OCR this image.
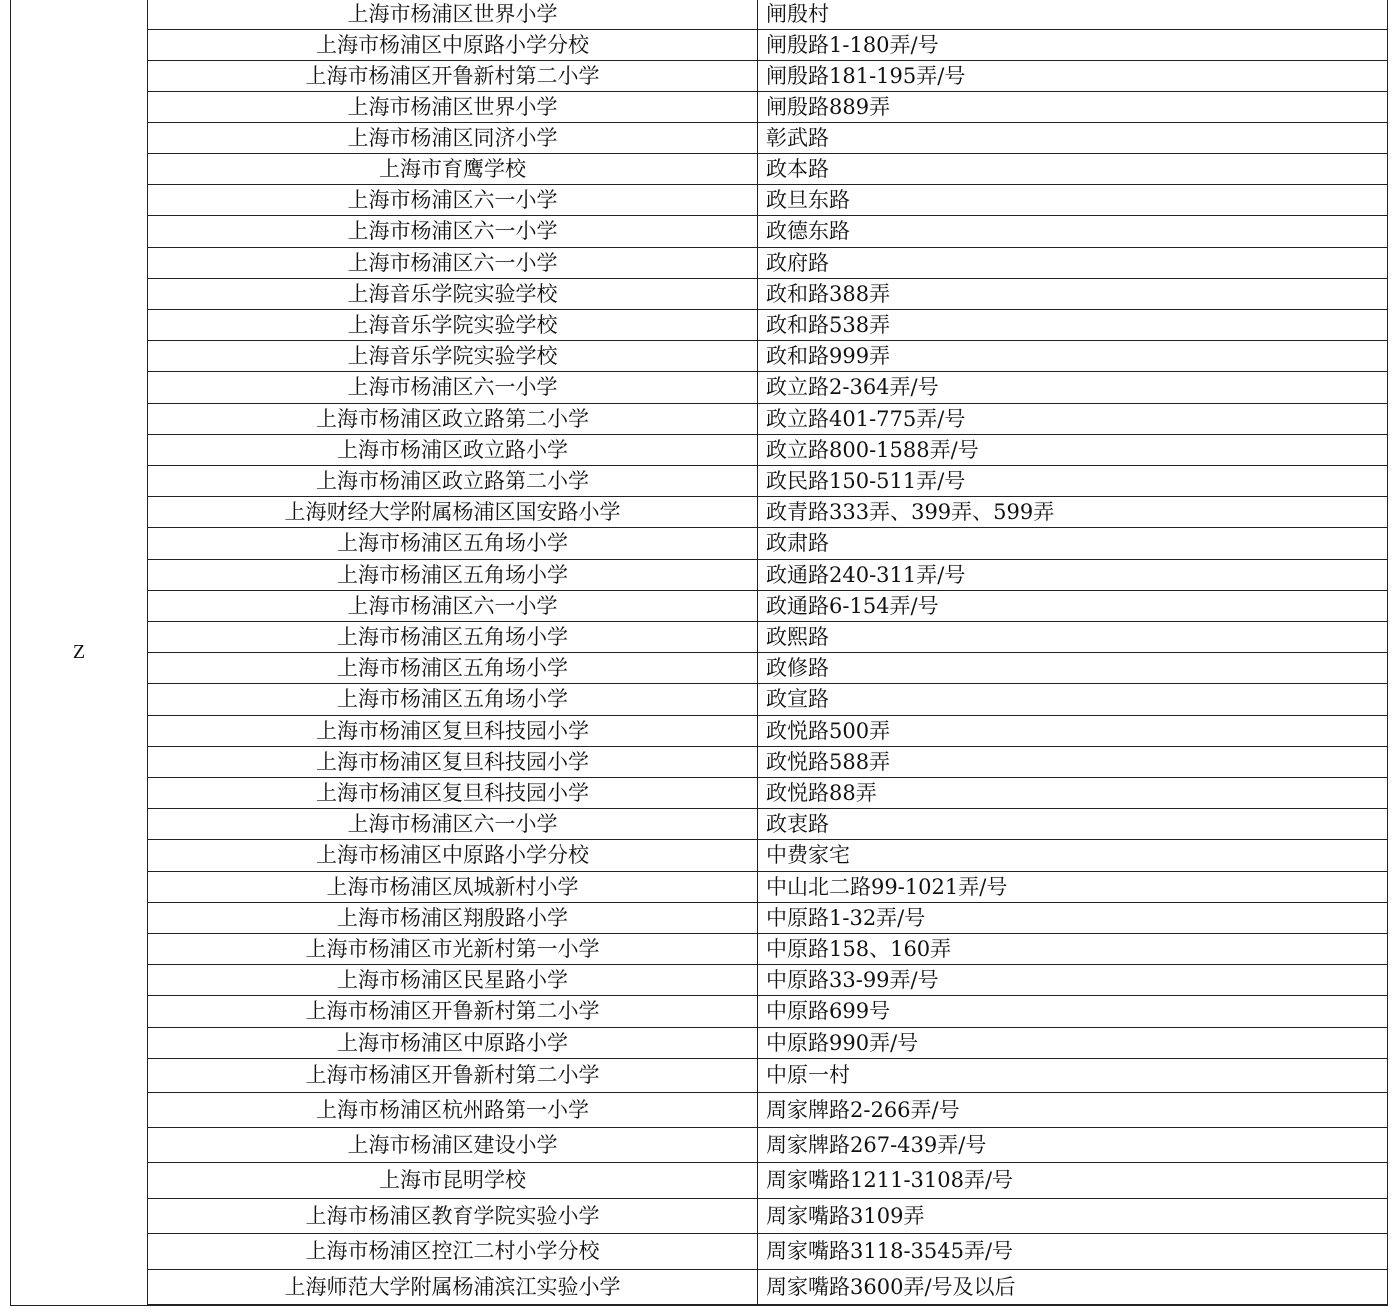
Z
上海市杨浦区世界小学	闸殷村
上海市杨浦区中原路小学分校	闸殷路1-180弄/号
上海市杨浦区开鲁新村第二小学	闸殷路181-195弄/号
上海市杨浦区世界小学	闸殷路889弄
上海市杨浦区同济小学	彰武路
上海市育鹰学校	政本路
上海市杨浦区六一小学	政旦东路
上海市杨浦区六一小学	政德东路
上海市杨浦区六一小学	政府路
上海音乐学院实验学校	政和路388弄
上海音乐学院实验学校	政和路538弄
上海音乐学院实验学校	政和路999弄
上海市杨浦区六一小学	政立路2-364弄/号
上海市杨浦区政立路第二小学	政立路401-775弄/号
上海市杨浦区政立路小学	政立路800-1588弄/号
上海市杨浦区政立路第二小学	政民路150-511弄/号
上海财经大学附属杨浦区国安路小学	政青路333弄、399弄、599弄
上海市杨浦区五角场小学	政肃路
上海市杨浦区五角场小学	政通路240-311弄/号
上海市杨浦区六一小学	政通路6-154弄/号
上海市杨浦区五角场小学	政熙路
上海市杨浦区五角场小学	政修路
上海市杨浦区五角场小学	政宣路
上海市杨浦区复旦科技园小学	政悦路500弄
上海市杨浦区复旦科技园小学	政悦路588弄
上海市杨浦区复旦科技园小学	政悦路88弄
上海市杨浦区六一小学	政衷路
上海市杨浦区中原路小学分校	中费家宅
上海市杨浦区凤城新村小学	中山北二路99-1021弄/号
上海市杨浦区翔殷路小学	中原路1-32弄/号
上海市杨浦区市光新村第一小学	中原路158、160弄
上海市杨浦区民星路小学	中原路33-99弄/号
上海市杨浦区开鲁新村第二小学	中原路699号
上海市杨浦区中原路小学	中原路990弄/号
上海市杨浦区开鲁新村第二小学	中原一村
上海市杨浦区杭州路第一小学	周家牌路2-266弄/号
上海市杨浦区建设小学	周家牌路267-439弄/号
上海市昆明学校	周家嘴路1211-3108弄/号
上海市杨浦区教育学院实验小学	周家嘴路3109弄
上海市杨浦区控江二村小学分校	周家嘴路3118-3545弄/号
上海师范大学附属杨浦滨江实验小学	周家嘴路3600弄/号及以后
